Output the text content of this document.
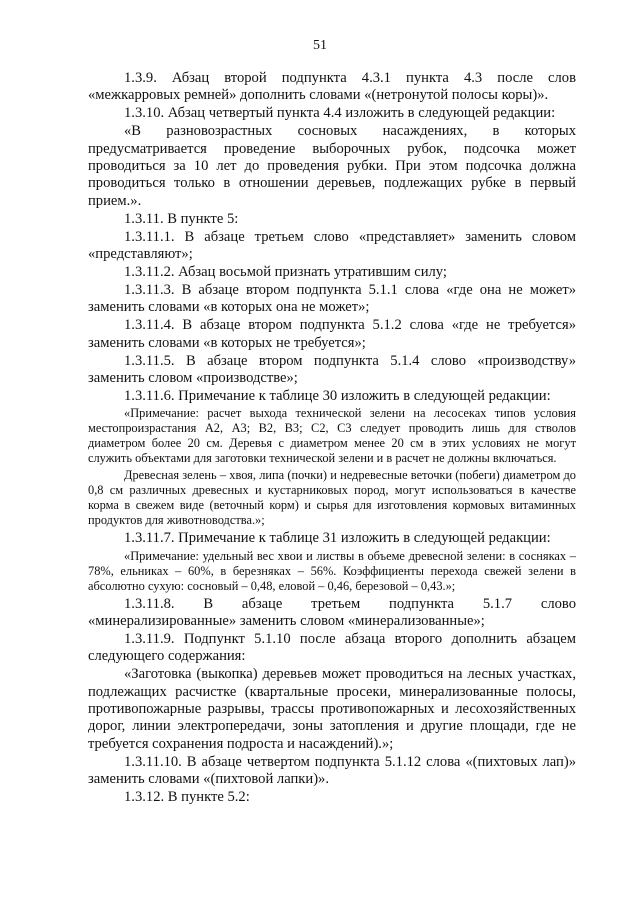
51

1.3.9. Абзац второй подпункта 4.3.1 пункта 4.3 после слов «межкарровых ремней» дополнить словами «(нетронутой полосы коры)».

1.3.10. Абзац четвертый пункта 4.4 изложить в следующей редакции:

«В разновозрастных сосновых насаждениях, в которых предусматривается проведение выборочных рубок, подсочка может проводиться за 10 лет до проведения рубки. При этом подсочка должна проводиться только в отношении деревьев, подлежащих рубке в первый прием.».

1.3.11. В пункте 5:

1.3.11.1. В абзаце третьем слово «представляет» заменить словом «представляют»;

1.3.11.2. Абзац восьмой признать утратившим силу;

1.3.11.3. В абзаце втором подпункта 5.1.1 слова «где она не может» заменить словами «в которых она не может»;

1.3.11.4. В абзаце втором подпункта 5.1.2 слова «где не требуется» заменить словами «в которых не требуется»;

1.3.11.5. В абзаце втором подпункта 5.1.4 слово «производству» заменить словом «производстве»;

1.3.11.6. Примечание к таблице 30 изложить в следующей редакции:

«Примечание: расчет выхода технической зелени на лесосеках типов условия местопроизрастания А2, А3; В2, В3; С2, С3 следует проводить лишь для стволов диаметром более 20 см. Деревья с диаметром менее 20 см в этих условиях не могут служить объектами для заготовки технической зелени и в расчет не должны включаться.

Древесная зелень – хвоя, липа (почки) и недревесные веточки (побеги) диаметром до 0,8 см различных древесных и кустарниковых пород, могут использоваться в качестве корма в свежем виде (веточный корм) и сырья для изготовления кормовых витаминных продуктов для животноводства.»;

1.3.11.7. Примечание к таблице 31 изложить в следующей редакции:

«Примечание: удельный вес хвои и листвы в объеме древесной зелени: в сосняках – 78%, ельниках – 60%, в березняках – 56%. Коэффициенты перехода свежей зелени в абсолютно сухую: сосновый – 0,48, еловой – 0,46, березовой – 0,43.»;

1.3.11.8. В абзаце третьем подпункта 5.1.7 слово «минерализированные» заменить словом «минерализованные»;

1.3.11.9. Подпункт 5.1.10 после абзаца второго дополнить абзацем следующего содержания:

«Заготовка (выкопка) деревьев может проводиться на лесных участках, подлежащих расчистке (квартальные просеки, минерализованные полосы, противопожарные разрывы, трассы противопожарных и лесохозяйственных дорог, линии электропередачи, зоны затопления и другие площади, где не требуется сохранения подроста и насаждений).»;

1.3.11.10. В абзаце четвертом подпункта 5.1.12 слова «(пихтовых лап)» заменить словами «(пихтовой лапки)».

1.3.12. В пункте 5.2:
